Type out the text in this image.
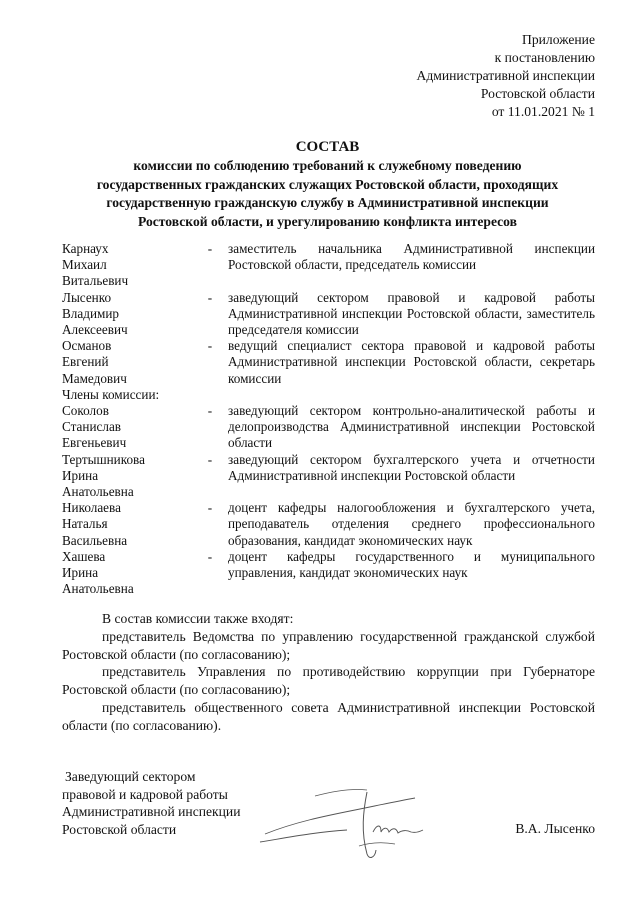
Приложение
к постановлению
Административной инспекции
Ростовской области
от 11.01.2021 № 1
СОСТАВ
комиссии по соблюдению требований к служебному поведению
государственных гражданских служащих Ростовской области, проходящих
государственную гражданскую службу в Административной инспекции
Ростовской области, и урегулированию конфликта интересов
Карнаух
Михаил
Витальевич
-	заместитель начальника Административной инспекции Ростовской области, председатель комиссии
Лысенко
Владимир
Алексеевич
-	заведующий сектором правовой и кадровой работы Административной инспекции Ростовской области, заместитель председателя комиссии
Османов
Евгений
Мамедович
-	ведущий специалист сектора правовой и кадровой работы Административной инспекции Ростовской области, секретарь комиссии
Члены комиссии:
Соколов
Станислав
Евгеньевич
-	заведующий сектором контрольно-аналитической работы и делопроизводства Административной инспекции Ростовской области
Тертышникова
Ирина
Анатольевна
-	заведующий сектором бухгалтерского учета и отчетности Административной инспекции Ростовской области
Николаева
Наталья
Васильевна
-	доцент кафедры налогообложения и бухгалтерского учета, преподаватель отделения среднего профессионального образования, кандидат экономических наук
Хашева
Ирина
Анатольевна
-	доцент кафедры государственного и муниципального управления, кандидат экономических наук

В состав комиссии также входят:

представитель Ведомства по управлению государственной гражданской службой Ростовской области (по согласованию);

представитель Управления по противодействию коррупции при Губернаторе Ростовской области (по согласованию);

представитель общественного совета Административной инспекции Ростовской области (по согласованию).

Заведующий сектором
правовой и кадровой работы
Административной инспекции
Ростовской области	В.А. Лысенко
